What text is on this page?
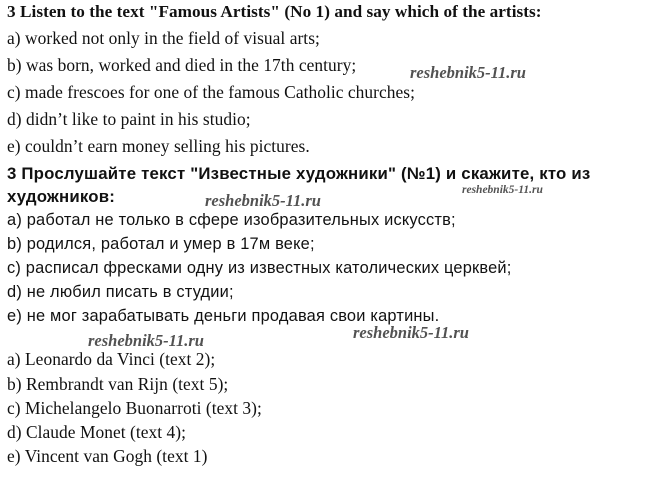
3 Listen to the text "Famous Artists" (No 1) and say which of the artists:
a) worked not only in the field of visual arts;
b) was born, worked and died in the 17th century;
c) made frescoes for one of the famous Catholic churches;
d) didn’t like to paint in his studio;
e) couldn’t earn money selling his pictures.
3 Прослушайте текст "Известные художники" (№1) и скажите, кто из
художников:
a) работал не только в сфере изобразительных искусств;
b) родился, работал и умер в 17м веке;
c) расписал фресками одну из известных католических церквей;
d) не любил писать в студии;
e) не мог зарабатывать деньги продавая свои картины.
a) Leonardo da Vinci (text 2);
b) Rembrandt van Rijn (text 5);
c) Michelangelo Buonarroti (text 3);
d) Claude Monet (text 4);
e) Vincent van Gogh (text 1)
reshebnik5-11.ru
reshebnik5-11.ru
reshebnik5-11.ru
reshebnik5-11.ru
reshebnik5-11.ru
